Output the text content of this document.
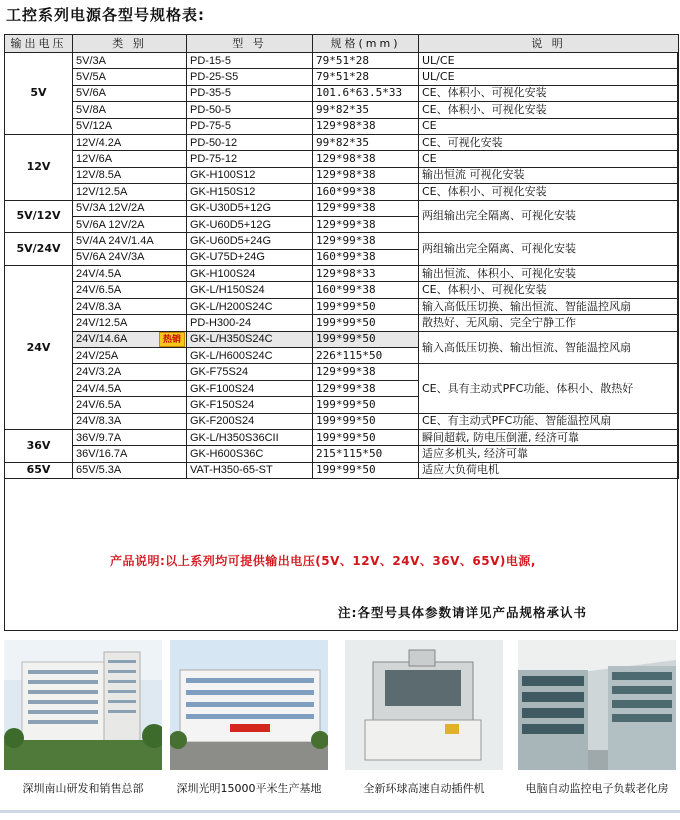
工控系列电源各型号规格表:
输出电压	类 别	型 号	规格(mm)	说 明
5V	5V/3A	PD-15-5	79*51*28	UL/CE
	5V/5A	PD-25-S5	79*51*28	UL/CE
	5V/6A	PD-35-5	101.6*63.5*33	CE、体积小、可视化安装
	5V/8A	PD-50-5	99*82*35	CE、体积小、可视化安装
	5V/12A	PD-75-5	129*98*38	CE
12V	12V/4.2A	PD-50-12	99*82*35	CE、可视化安装
	12V/6A	PD-75-12	129*98*38	CE
	12V/8.5A	GK-H100S12	129*98*38	输出恒流 可视化安装
	12V/12.5A	GK-H150S12	160*99*38	CE、体积小、可视化安装
5V/12V	5V/3A 12V/2A	GK-U30D5+12G	129*99*38	两组输出完全隔离、可视化安装
	5V/6A 12V/2A	GK-U60D5+12G	129*99*38	
5V/24V	5V/4A 24V/1.4A	GK-U60D5+24G	129*99*38	两组输出完全隔离、可视化安装
	5V/6A 24V/3A	GK-U75D+24G	160*99*38	
24V	24V/4.5A	GK-H100S24	129*98*33	输出恒流、体积小、可视化安装
	24V/6.5A	GK-L/H150S24	160*99*38	CE、体积小、可视化安装
	24V/8.3A	GK-L/H200S24C	199*99*50	输入高低压切换、输出恒流、智能温控风扇
	24V/12.5A	PD-H300-24	199*99*50	散热好、无风扇、完全宁静工作

	24V/14.6A 热销	GK-L/H350S24C	199*99*50	输入高低压切换、输出恒流、智能温控风扇
	24V/25A	GK-L/H600S24C	226*115*50	
	24V/3.2A	GK-F75S24	129*99*38	CE、具有主动式PFC功能、体积小、散热好
	24V/4.5A	GK-F100S24	129*99*38	
	24V/6.5A	GK-F150S24	199*99*50	
	24V/8.3A	GK-F200S24	199*99*50	CE、有主动式PFC功能、智能温控风扇
36V	36V/9.7A	GK-L/H350S36CII	199*99*50	瞬间超载, 防电压倒灌, 经济可靠
	36V/16.7A	GK-H600S36C	215*115*50	适应多机头, 经济可靠
65V	65V/5.3A	VAT-H350-65-ST	199*99*50	适应大负荷电机
产品说明:以上系列均可提供输出电压(5V、12V、24V、36V、65V)电源,
注:各型号具体参数请详见产品规格承认书
深圳南山研发和销售总部	深圳光明15000平米生产基地	全新环球高速自动插件机	电脑自动监控电子负载老化房
